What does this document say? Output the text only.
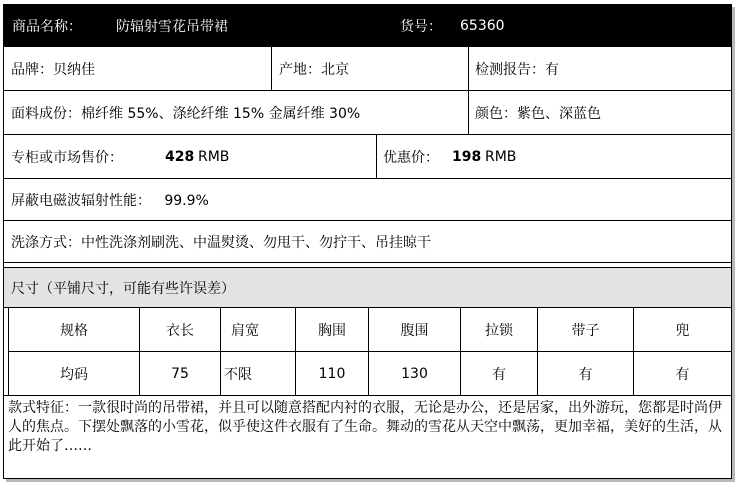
商品名称： 防辐射雪花吊带裙	货号： 65360
品牌：贝纳佳	产地：北京	检测报告：有
面料成份：棉纤维 55%、涤纶纤维 15% 金属纤维 30%	颜色：紫色、深蓝色
专柜或市场售价：	428 RMB	优惠价： 198 RMB
屏蔽电磁波辐射性能：   99.9%
洗涤方式：中性洗涤剂刷洗、中温熨烫、勿甩干、勿拧干、吊挂晾干
尺寸（平铺尺寸，可能有些许误差）
规格	衣长	肩宽	胸围	腹围	拉锁	带子	兜
均码	75	不限	110	130	有	有	有
款式特征：一款很时尚的吊带裙，并且可以随意搭配内衬的衣服，无论是办公，还是居家，出外游玩，您都是时尚伊人的焦点。下摆处飘落的小雪花，似乎使这件衣服有了生命。舞动的雪花从天空中飘荡，更加幸福，美好的生活，从此开始了……
